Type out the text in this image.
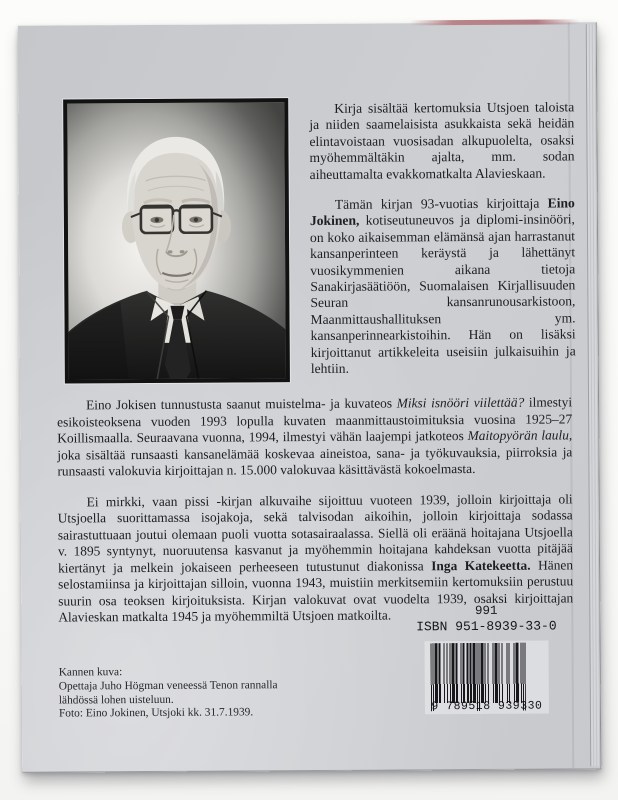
Kirja sisältää kertomuksia Utsjoen taloista ja niiden saamelaisista asukkaista sekä heidän elintavoistaan vuosisadan alkupuolelta, osaksi myöhemmältäkin ajalta, mm. sodan aiheuttamalta evakkomatkalta Alavieskaan.

Tämän kirjan 93-vuotias kirjoittaja Eino Jokinen, kotiseutuneuvos ja diplomi-insinööri, on koko aikaisemman elämänsä ajan harrastanut kansanperinteen keräystä ja lähettänyt vuosikymmenien aikana tietoja Sanakirjasäätiöön, Suomalaisen Kirjallisuuden Seuran kansanrunousarkistoon, Maanmittaushallituksen ym. kansanperinnearkistoihin. Hän on lisäksi kirjoittanut artikkeleita useisiin julkaisuihin ja lehtiin.

Eino Jokisen tunnustusta saanut muistelma- ja kuvateos Miksi isnööri viilettää? ilmestyi esikoisteoksena vuoden 1993 lopulla kuvaten maanmittaustoimituksia vuosina 1925–27 Koillismaalla. Seuraavana vuonna, 1994, ilmestyi vähän laajempi jatkoteos Maitopyörän laulu, joka sisältää runsaasti kansanelämää koskevaa aineistoa, sana- ja työkuvauksia, piirroksia ja runsaasti valokuvia kirjoittajan n. 15.000 valokuvaa käsittävästä kokoelmasta.

Ei mirkki, vaan pissi -kirjan alkuvaihe sijoittuu vuoteen 1939, jolloin kirjoittaja oli Utsjoella suorittamassa isojakoja, sekä talvisodan aikoihin, jolloin kirjoittaja sodassa sairastuttuaan joutui olemaan puoli vuotta sotasairaalassa. Siellä oli eräänä hoitajana Utsjoella v. 1895 syntynyt, nuoruutensa kasvanut ja myöhemmin hoitajana kahdeksan vuotta pitäjää kiertänyt ja melkein jokaiseen perheeseen tutustunut diakonissa Inga Katekeetta. Hänen selostamiinsa ja kirjoittajan silloin, vuonna 1943, muistiin merkitsemiin kertomuksiin perustuu suurin osa teoksen kirjoituksista. Kirjan valokuvat ovat vuodelta 1939, osaksi kirjoittajan Alavieskan matkalta 1945 ja myöhemmiltä Utsjoen matkoilta.	991
ISBN 951-8939-33-0
9 789518 939330
Kannen kuva:
Opettaja Juho Högman veneessä Tenon rannalla
lähdössä lohen uisteluun.
Foto: Eino Jokinen, Utsjoki kk. 31.7.1939.
